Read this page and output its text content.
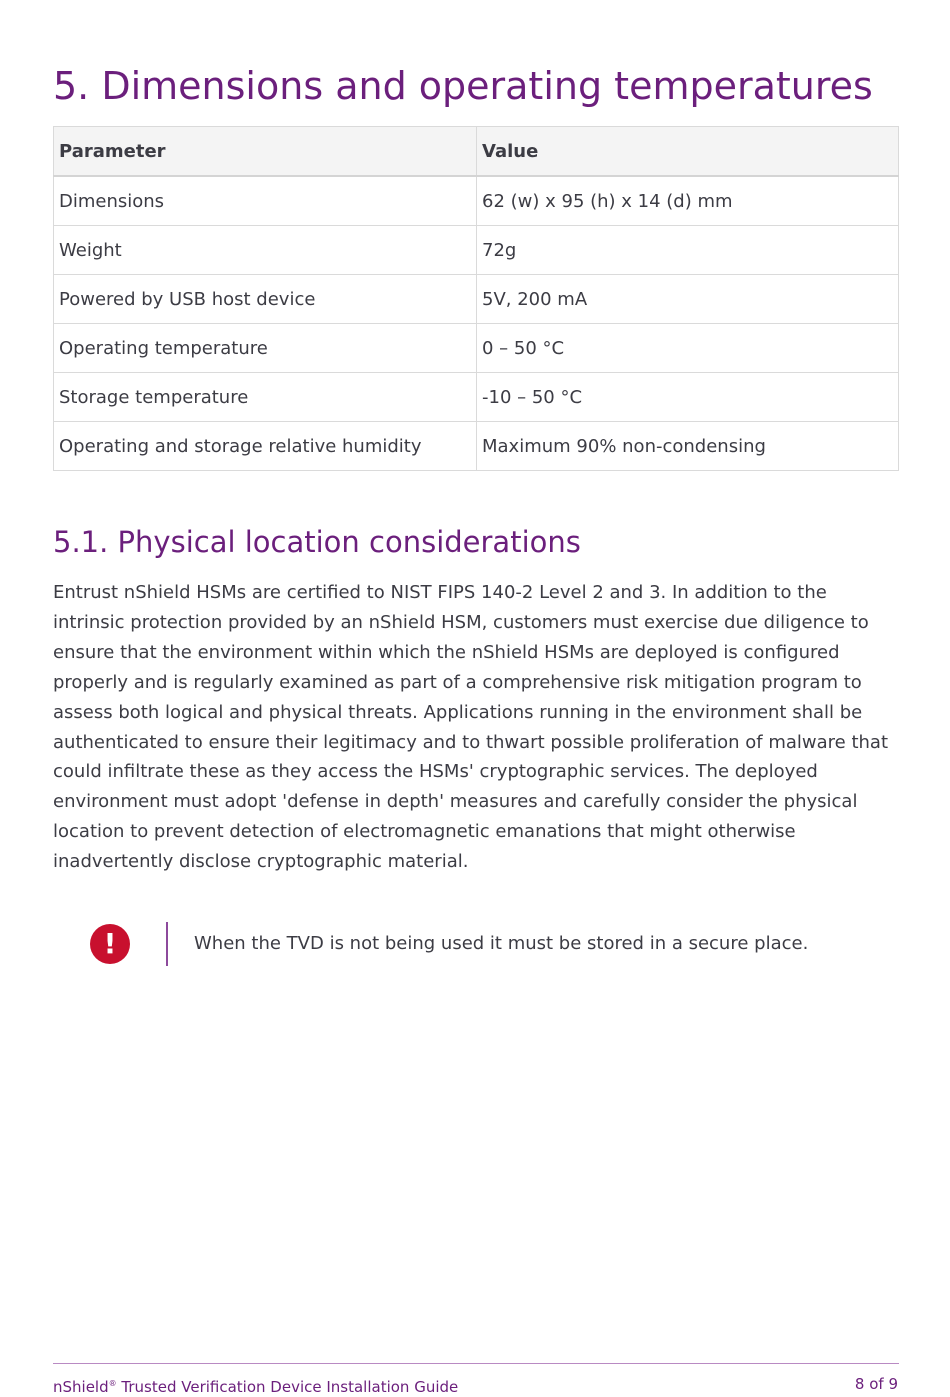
5. Dimensions and operating temperatures
Parameter	Value
Dimensions	62 (w) x 95 (h) x 14 (d) mm
Weight	72g
Powered by USB host device	5V, 200 mA
Operating temperature	0 – 50 °C
Storage temperature	-10 – 50 °C
Operating and storage relative humidity	Maximum 90% non-condensing
5.1. Physical location considerations

Entrust nShield HSMs are certified to NIST FIPS 140-2 Level 2 and 3. In addition to the intrinsic protection provided by an nShield HSM, customers must exercise due diligence to ensure that the environment within which the nShield HSMs are deployed is configured properly and is regularly examined as part of a comprehensive risk mitigation program to assess both logical and physical threats. Applications running in the environment shall be authenticated to ensure their legitimacy and to thwart possible proliferation of malware that could infiltrate these as they access the HSMs' cryptographic services. The deployed environment must adopt 'defense in depth' measures and carefully consider the physical location to prevent detection of electromagnetic emanations that might otherwise inadvertently disclose cryptographic material.

!	When the TVD is not being used it must be stored in a secure place.
nShield® Trusted Verification Device Installation Guide	8 of 9
